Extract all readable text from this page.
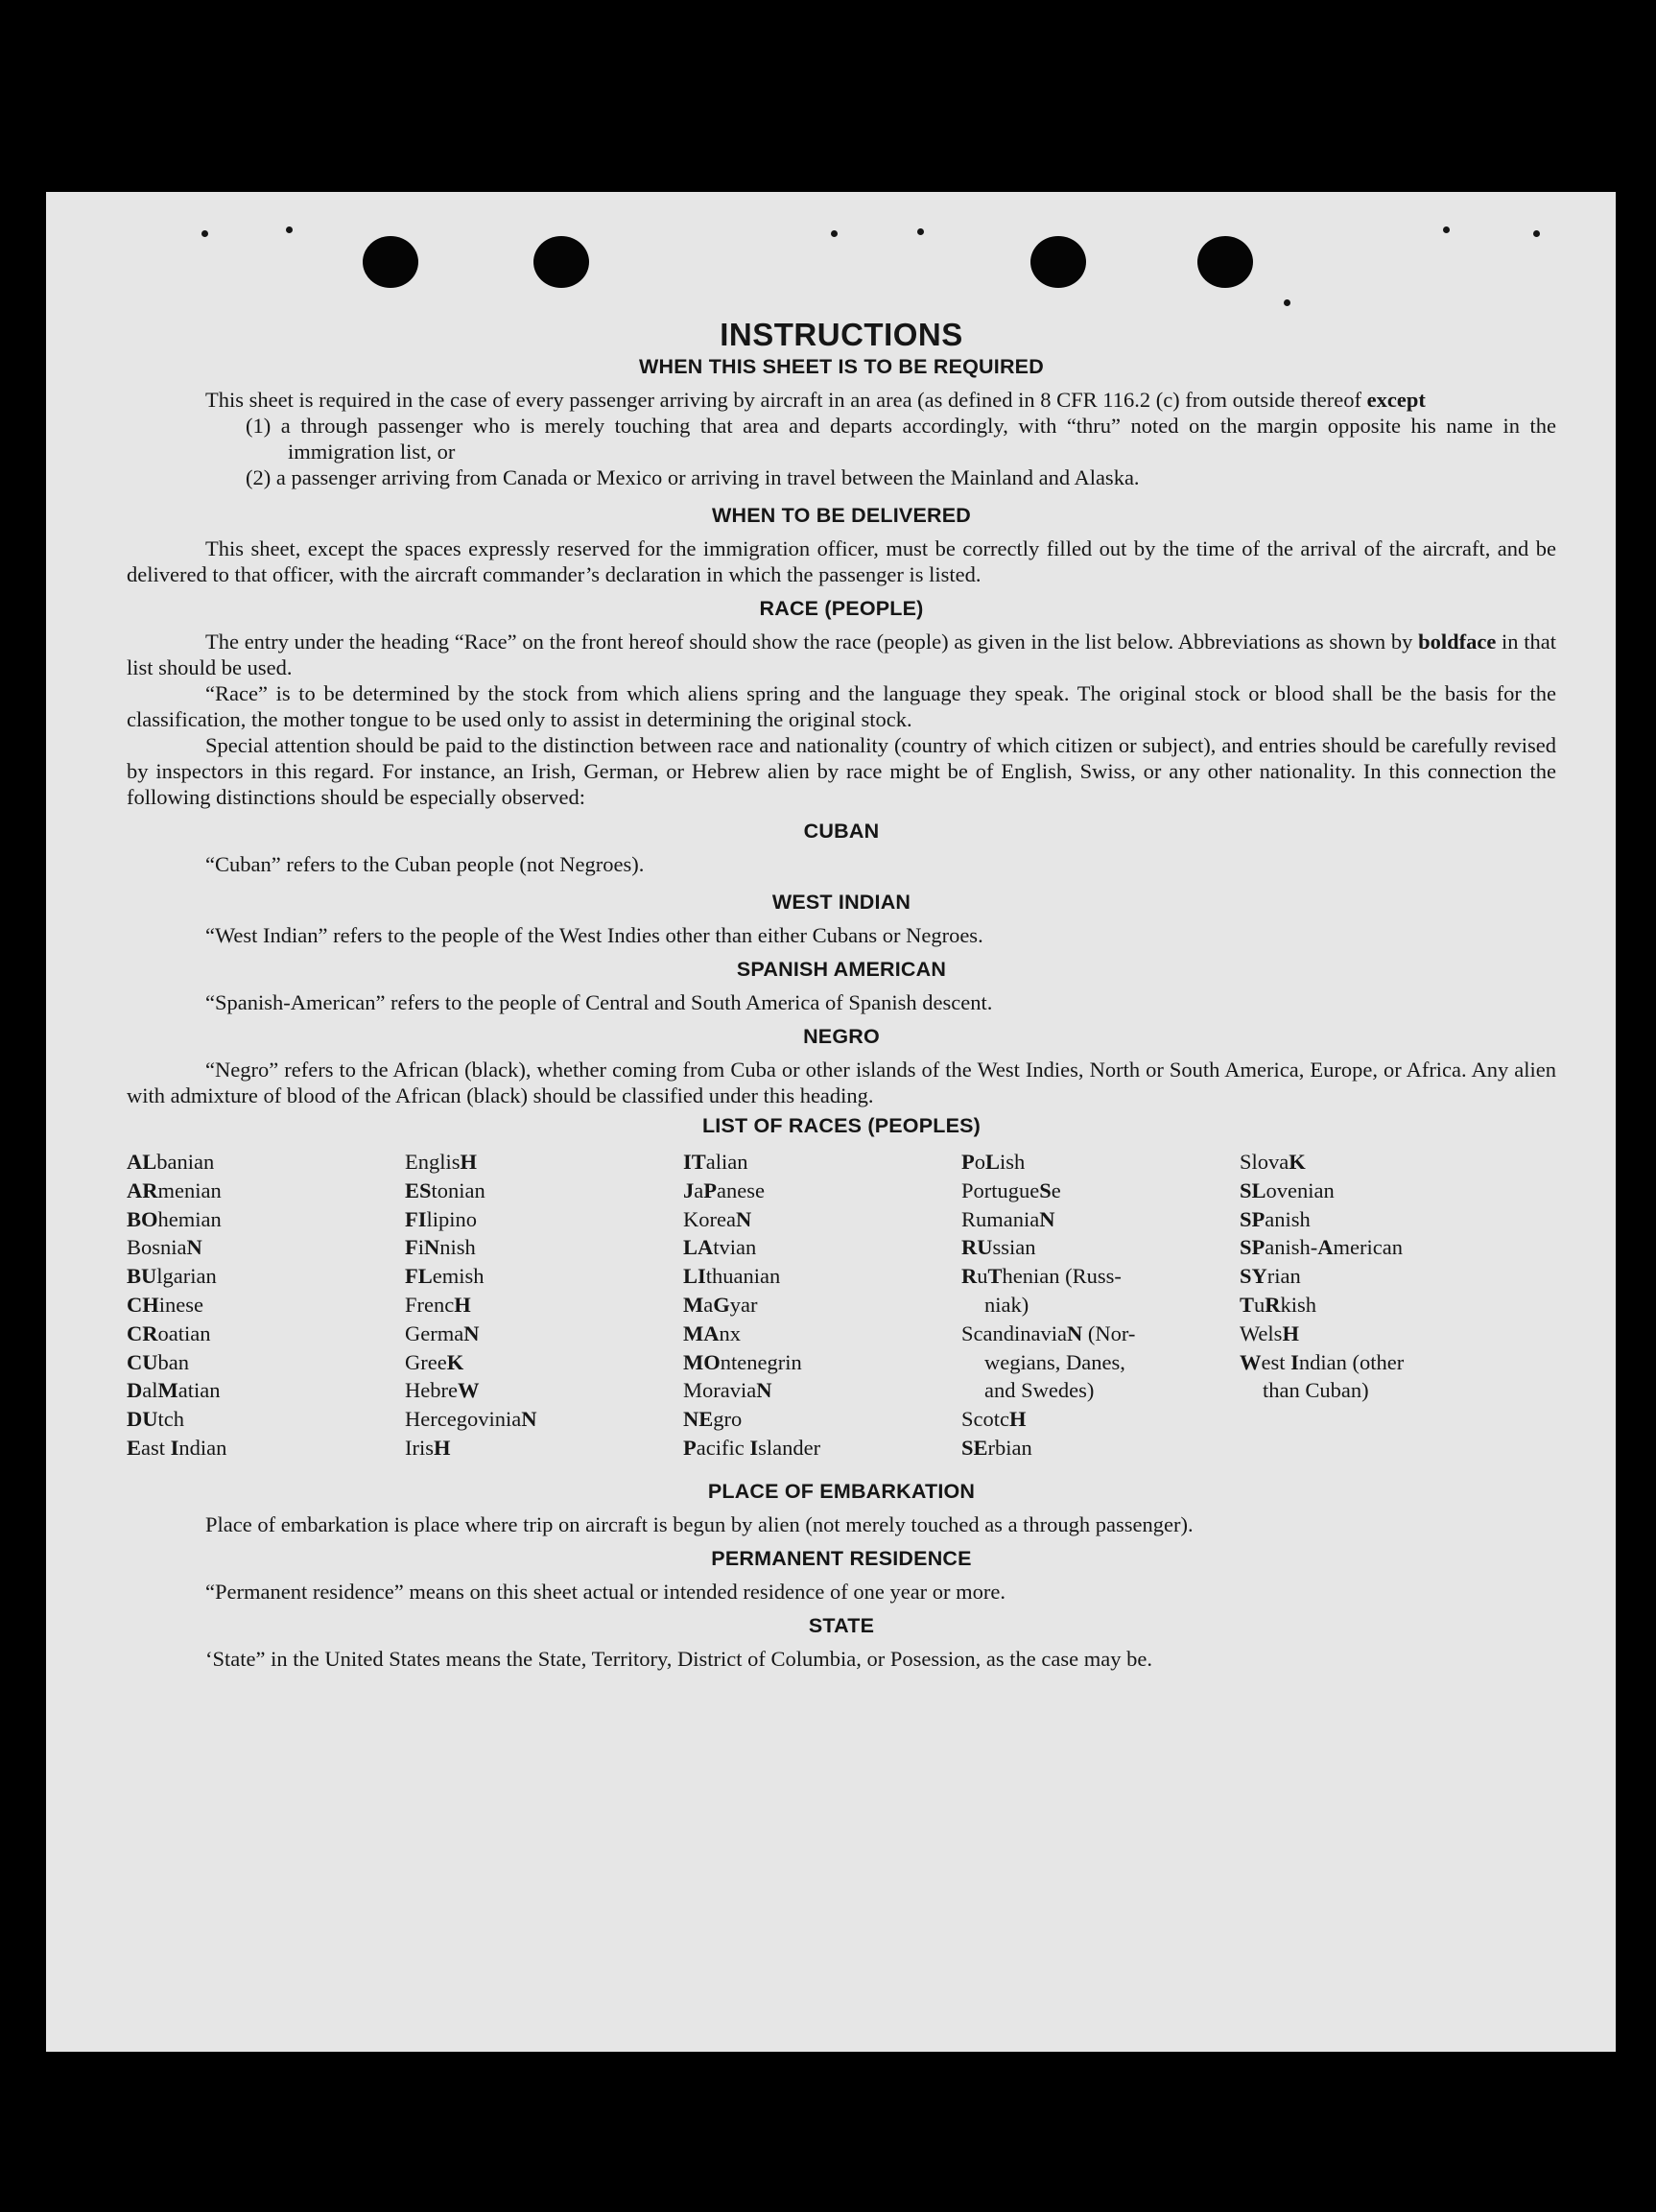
INSTRUCTIONS
WHEN THIS SHEET IS TO BE REQUIRED

This sheet is required in the case of every passenger arriving by aircraft in an area (as defined in 8 CFR 116.2 (c) from outside thereof except

(1) a through passenger who is merely touching that area and departs accordingly, with “thru” noted on the margin opposite his name in the immigration list, or
(2) a passenger arriving from Canada or Mexico or arriving in travel between the Mainland and Alaska.
WHEN TO BE DELIVERED

This sheet, except the spaces expressly reserved for the immigration officer, must be correctly filled out by the time of the arrival of the aircraft, and be delivered to that officer, with the aircraft commander’s declaration in which the passenger is listed.

RACE (PEOPLE)

The entry under the heading “Race” on the front hereof should show the race (people) as given in the list below. Abbreviations as shown by boldface in that list should be used.

“Race” is to be determined by the stock from which aliens spring and the language they speak. The original stock or blood shall be the basis for the classification, the mother tongue to be used only to assist in determining the original stock.

Special attention should be paid to the distinction between race and nationality (country of which citizen or subject), and entries should be carefully revised by inspectors in this regard. For instance, an Irish, German, or Hebrew alien by race might be of English, Swiss, or any other nationality. In this connection the following distinctions should be especially observed:

CUBAN

“Cuban” refers to the Cuban people (not Negroes).

WEST INDIAN

“West Indian” refers to the people of the West Indies other than either Cubans or Negroes.

SPANISH AMERICAN

“Spanish-American” refers to the people of Central and South America of Spanish descent.

NEGRO

“Negro” refers to the African (black), whether coming from Cuba or other islands of the West Indies, North or South America, Europe, or Africa. Any alien with admixture of blood of the African (black) should be classified under this heading.

LIST OF RACES (PEOPLES)
ALbanian
ARmenian
BOhemian
BosniaN
BUlgarian
CHinese
CRoatian
CUban
DalMatian
DUtch
East Indian
EnglisH
EStonian
FIlipino
FiNnish
FLemish
FrencH
GermaN
GreeK
HebreW
HercegoviniaN
IrisH
ITalian
JaPanese
KoreaN
LAtvian
LIthuanian
MaGyar
MAnx
MOntenegrin
MoraviaN
NEgro
Pacific Islander
PoLish
PortugueSe
RumaniaN
RUssian
RuThenian (Russ-
niak)
ScandinaviaN (Nor-
wegians, Danes,
and Swedes)
ScotcH
SErbian
SlovaK
SLovenian
SPanish
SPanish-American
SYrian
TuRkish
WelsH
West Indian (other
than Cuban)
PLACE OF EMBARKATION

Place of embarkation is place where trip on aircraft is begun by alien (not merely touched as a through passenger).

PERMANENT RESIDENCE

“Permanent residence” means on this sheet actual or intended residence of one year or more.

STATE

‘State” in the United States means the State, Territory, District of Columbia, or Posession, as the case may be.
